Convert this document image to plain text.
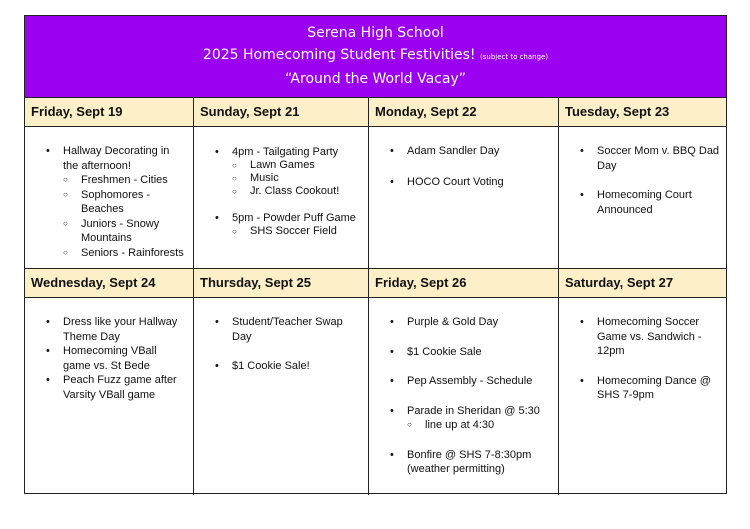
Serena High School
2025 Homecoming Student Festivities! (subject to change)
“Around the World Vacay”
Friday, Sept 19
• Hallway Decorating in the afternoon!
○ Freshmen - Cities
○ Sophomores - Beaches
○ Juniors - Snowy Mountains
○ Seniors - Rainforests
Sunday, Sept 21
• 4pm - Tailgating Party
○ Lawn Games
○ Music
○ Jr. Class Cookout!
• 5pm - Powder Puff Game
○ SHS Soccer Field
Monday, Sept 22
• Adam Sandler Day
• HOCO Court Voting
Tuesday, Sept 23
• Soccer Mom v. BBQ Dad Day
• Homecoming Court Announced
Wednesday, Sept 24
• Dress like your Hallway Theme Day
• Homecoming VBall game vs. St Bede
• Peach Fuzz game after Varsity VBall game
Thursday, Sept 25
• Student/Teacher Swap Day
• $1 Cookie Sale!
Friday, Sept 26
• Purple & Gold Day
• $1 Cookie Sale
• Pep Assembly - Schedule
• Parade in Sheridan @ 5:30
○ line up at 4:30
• Bonfire @ SHS 7-8:30pm (weather permitting)
Saturday, Sept 27
• Homecoming Soccer Game vs. Sandwich - 12pm
• Homecoming Dance @ SHS 7-9pm
